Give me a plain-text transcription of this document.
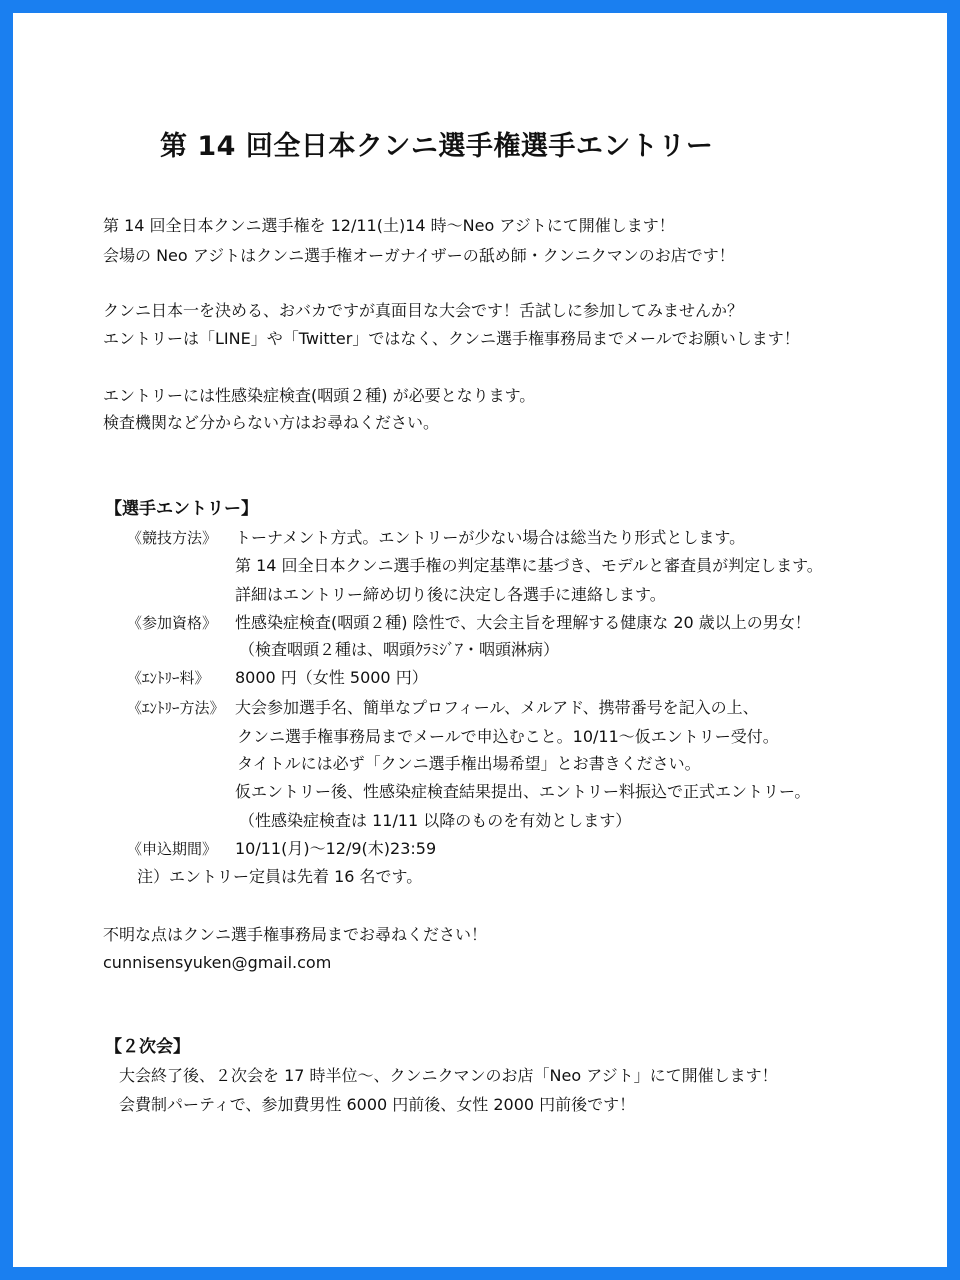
第 14 回全日本クンニ選手権選手エントリー
第 14 回全日本クンニ選手権を 12/11(土)14 時～Neo アジトにて開催します！
会場の Neo アジトはクンニ選手権オーガナイザーの舐め師・クンニクマンのお店です！
クンニ日本一を決める、おバカですが真面目な大会です！舌試しに参加してみませんか？
エントリーは「LINE」や「Twitter」ではなく、クンニ選手権事務局までメールでお願いします！
エントリーには性感染症検査(咽頭２種) が必要となります。
検査機関など分からない方はお尋ねください。
【選手エントリー】
《競技方法》 トーナメント方式。エントリーが少ない場合は総当たり形式とします。
第 14 回全日本クンニ選手権の判定基準に基づき、モデルと審査員が判定します。
詳細はエントリー締め切り後に決定し各選手に連絡します。
《参加資格》 性感染症検査(咽頭２種) 陰性で、大会主旨を理解する健康な 20 歳以上の男女！
（検査咽頭２種は、咽頭ｸﾗﾐｼﾞｱ・咽頭淋病）
《ｴﾝﾄﾘｰ料》 8000 円（女性 5000 円）
《ｴﾝﾄﾘｰ方法》 大会参加選手名、簡単なプロフィール、メルアド、携帯番号を記入の上、
クンニ選手権事務局までメールで申込むこと。10/11～仮エントリー受付。
タイトルには必ず「クンニ選手権出場希望」とお書きください。
仮エントリー後、性感染症検査結果提出、エントリー料振込で正式エントリー。
（性感染症検査は 11/11 以降のものを有効とします）
《申込期間》 10/11(月)～12/9(木)23:59
注）エントリー定員は先着 16 名です。
不明な点はクンニ選手権事務局までお尋ねください！
cunnisensyuken@gmail.com
【２次会】
大会終了後、２次会を 17 時半位～、クンニクマンのお店「Neo アジト」にて開催します！
会費制パーティで、参加費男性 6000 円前後、女性 2000 円前後です！
